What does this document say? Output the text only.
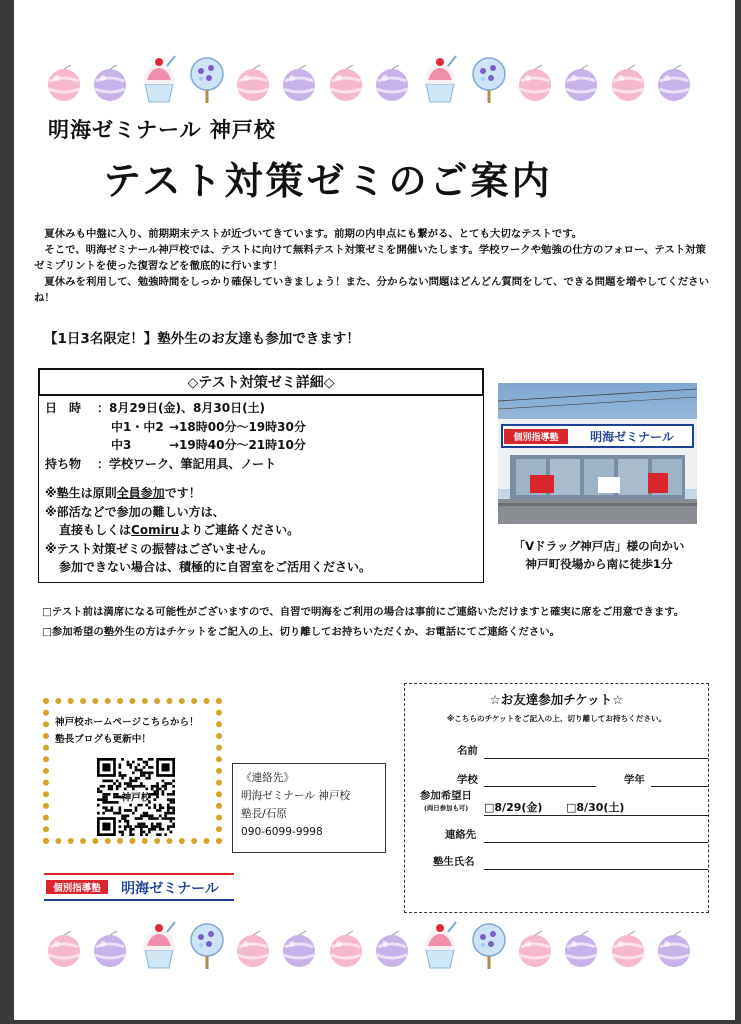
明海ゼミナール 神戸校
テスト対策ゼミのご案内

夏休みも中盤に入り、前期期末テストが近づいてきています。前期の内申点にも繋がる、とても大切なテストです。

そこで、明海ゼミナール神戸校では、テストに向けて無料テスト対策ゼミを開催いたします。学校ワークや勉強の仕方のフォロー、テスト対策ゼミプリントを使った復習などを徹底的に行います！

夏休みを利用して、勉強時間をしっかり確保していきましょう！また、分からない問題はどんどん質問をして、できる問題を増やしてくださいね！

【1日3名限定！】塾外生のお友達も参加できます！
◇テスト対策ゼミ詳細◇
日　時 ：8月29日(金)、8月30日(土)
中1・中2 →18時00分～19時30分
中3	→19時40分～21時10分
持ち物 ：学校ワーク、筆記用具、ノート
※塾生は原則全員参加です！
※部活などで参加の難しい方は、
直接もしくはComiruよりご連絡ください。
※テスト対策ゼミの振替はございません。
参加できない場合は、積極的に自習室をご活用ください。
個別指導塾	明海ゼミナール
「Vドラッグ神戸店」様の向かい
神戸町役場から南に徒歩1分

□テスト前は満席になる可能性がございますので、自習で明海をご利用の場合は事前にご連絡いただけますと確実に席をご用意できます。

□参加希望の塾外生の方はチケットをご記入の上、切り離してお持ちいただくか、お電話にてご連絡ください。

神戸校ホームページこちらから！
塾長ブログも更新中！
神戸校
《連絡先》
明海ゼミナール 神戸校
塾長/石原
090-6099-9998
個別指導塾 明海ゼミナール
☆お友達参加チケット☆
※こちらのチケットをご記入の上、切り離してお持ちください。
名前
学校	学年
参加希望日
(両日参加も可) □8/29(金) □8/30(土)
連絡先
塾生氏名
